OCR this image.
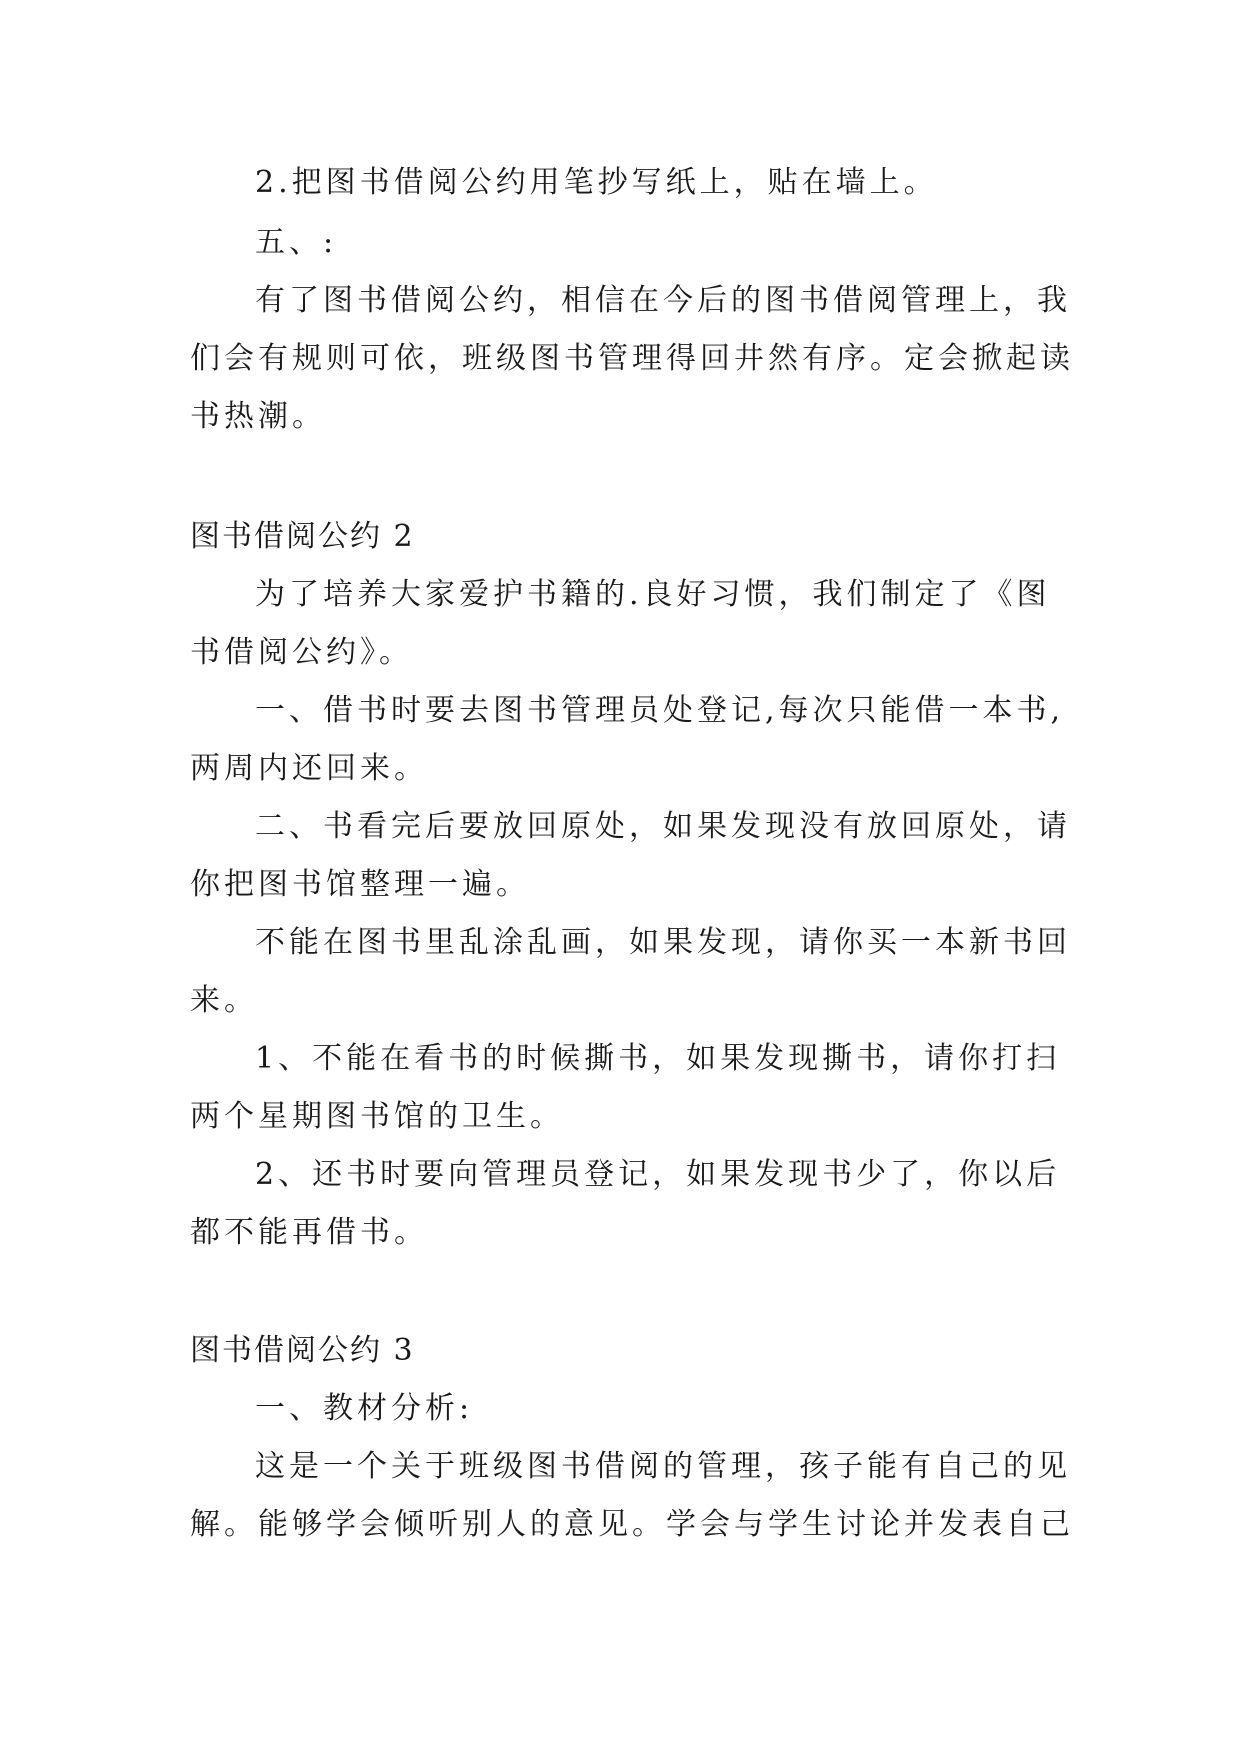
2.把图书借阅公约用笔抄写纸上，贴在墙上。
五、:
有了图书借阅公约，相信在今后的图书借阅管理上，我
们会有规则可依，班级图书管理得回井然有序。定会掀起读
书热潮。
图书借阅公约 2
为了培养大家爱护书籍的.良好习惯，我们制定了《图
书借阅公约》。
一、借书时要去图书管理员处登记,每次只能借一本书,
两周内还回来。
二、书看完后要放回原处，如果发现没有放回原处，请
你把图书馆整理一遍。
不能在图书里乱涂乱画，如果发现，请你买一本新书回
来。
1、不能在看书的时候撕书，如果发现撕书，请你打扫
两个星期图书馆的卫生。
2、还书时要向管理员登记，如果发现书少了，你以后
都不能再借书。
图书借阅公约 3
一、教材分析:
这是一个关于班级图书借阅的管理，孩子能有自己的见
解。能够学会倾听别人的意见。学会与学生讨论并发表自己
